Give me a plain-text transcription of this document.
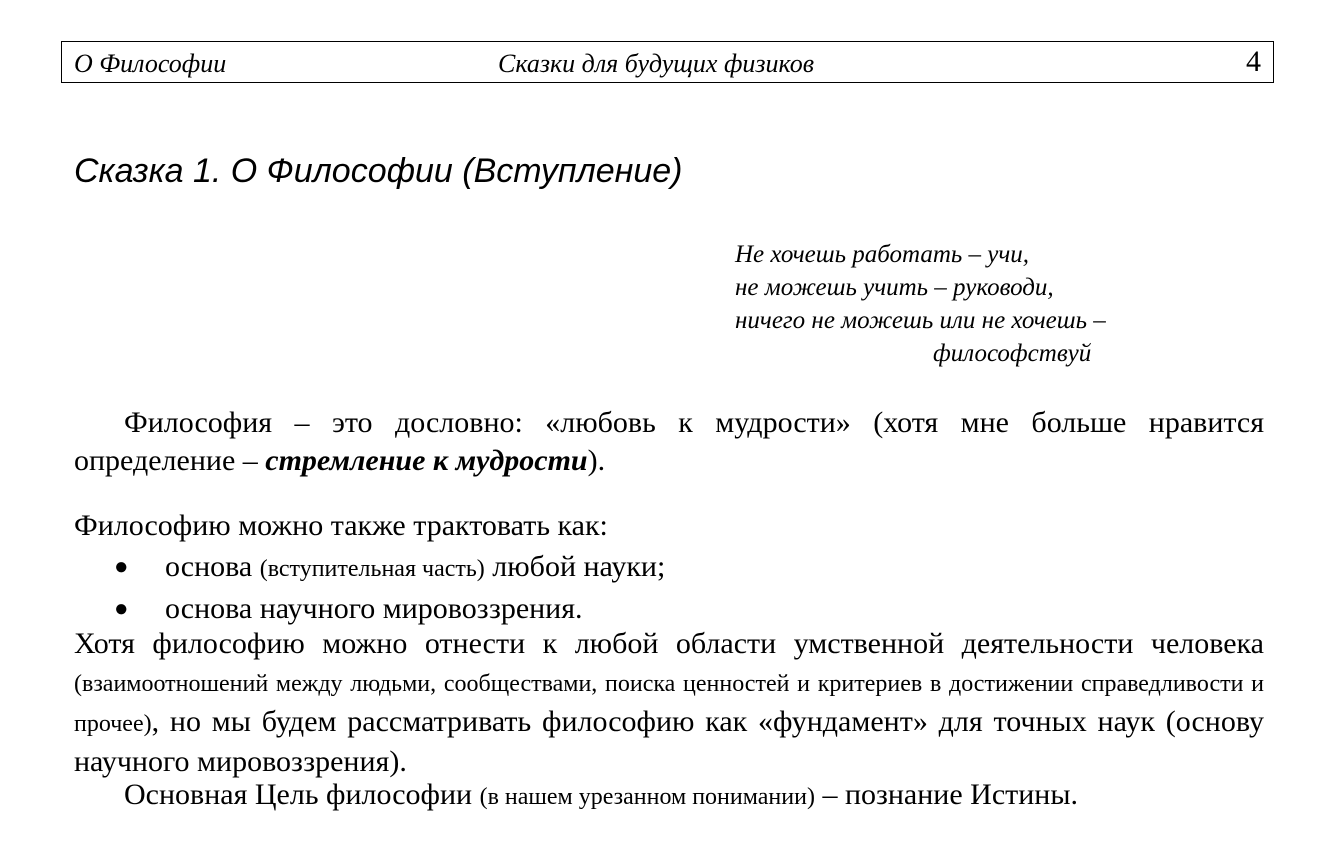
О Философии	Сказки для будущих физиков	4
Сказка 1. О Философии (Вступление)
Не хочешь работать – учи,
не можешь учить – руководи,
ничего не можешь или не хочешь –
философствуй
Философия – это дословно: «любовь к мудрости» (хотя мне больше нравится определение – стремление к мудрости).
Философию можно также трактовать как:
● основа (вступительная часть) любой науки;
● основа научного мировоззрения.
Хотя философию можно отнести к любой области умственной деятельности человека (взаимоотношений между людьми, сообществами, поиска ценностей и критериев в достижении справедливости и прочее), но мы будем рассматривать философию как «фундамент» для точных наук (основу научного мировоззрения).
Основная Цель философии (в нашем урезанном понимании) – познание Истины.
